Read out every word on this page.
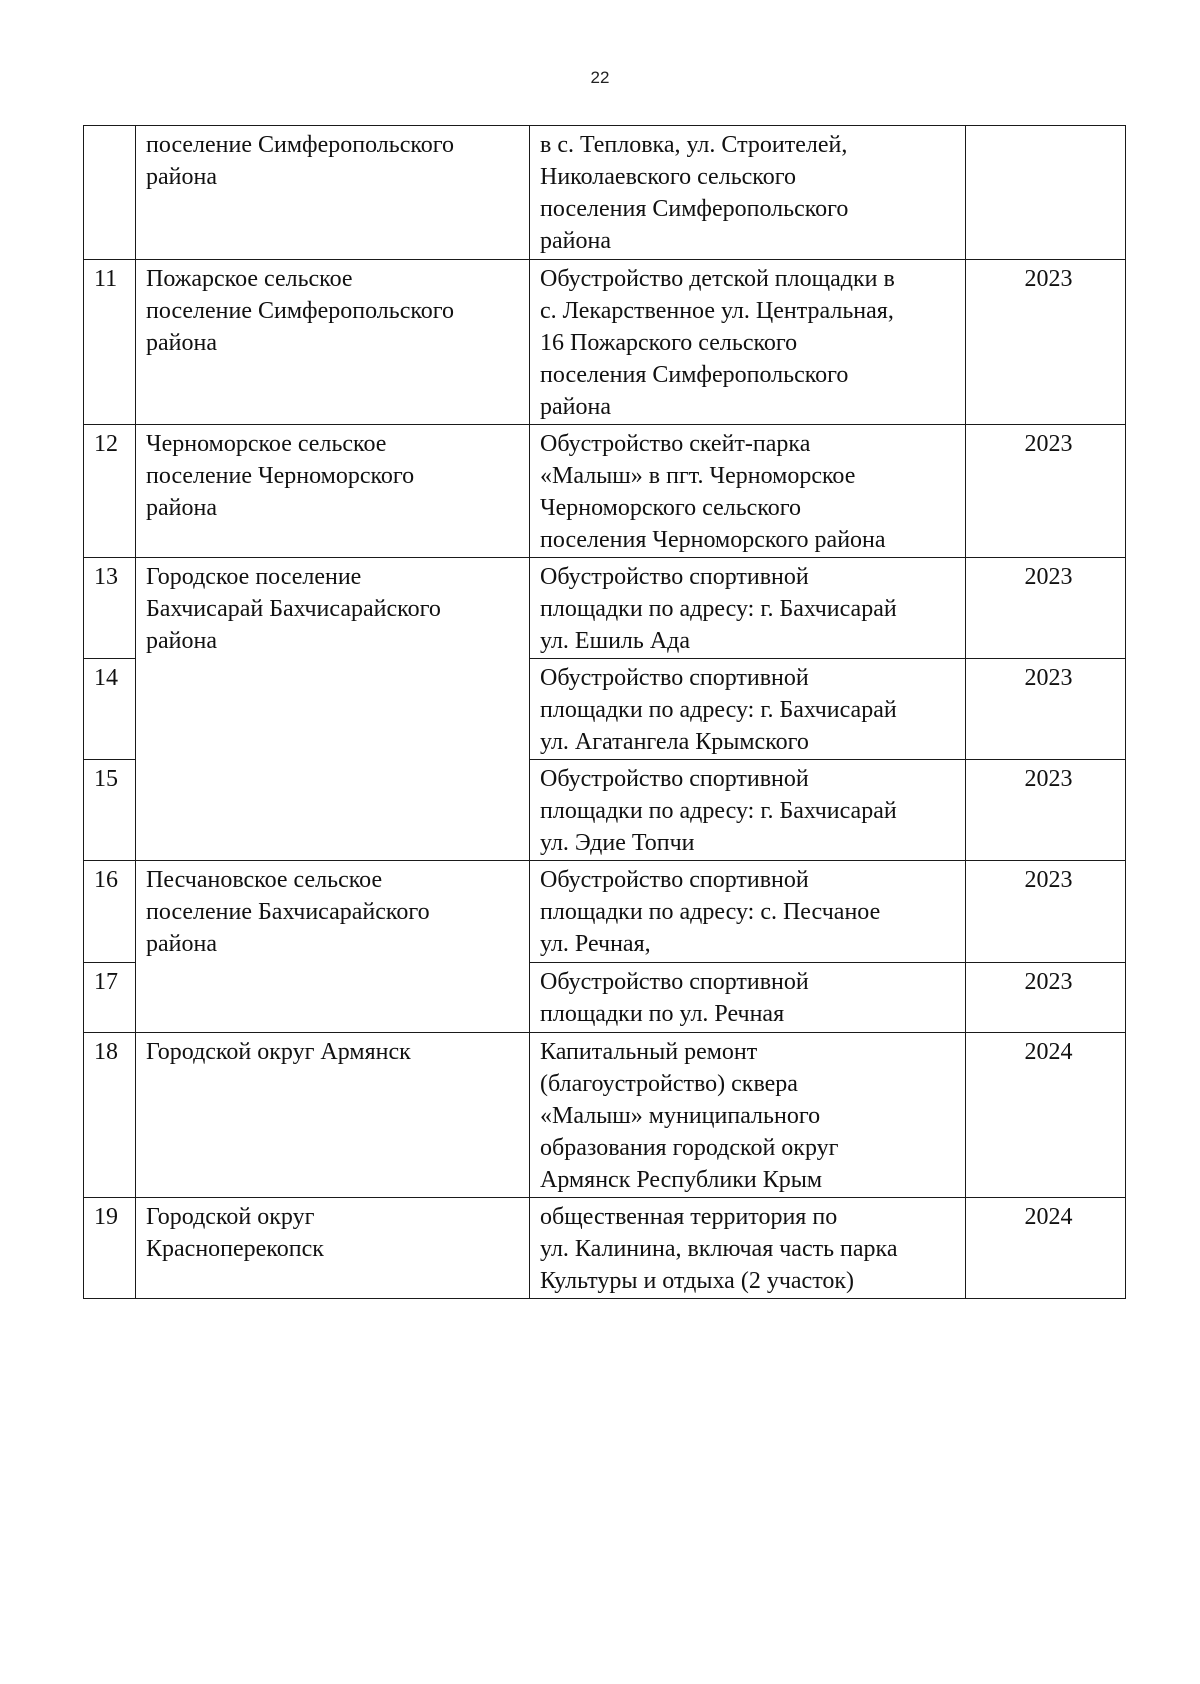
22

	поселение Симферопольского
района	в с. Тепловка, ул. Строителей,
Николаевского сельского
поселения Симферопольского
района	

11	Пожарское сельское
поселение Симферопольского
района	Обустройство детской площадки в
с. Лекарственное ул. Центральная,
16 Пожарского сельского
поселения Симферопольского
района	2023

12	Черноморское сельское
поселение Черноморского
района	Обустройство скейт-парка
«Малыш» в пгт. Черноморское
Черноморского сельского
поселения Черноморского района	2023

13	Городское поселение
Бахчисарай Бахчисарайского
района	Обустройство спортивной
площадки по адресу: г. Бахчисарай
ул. Ешиль Ада	2023

14		Обустройство спортивной
площадки по адресу: г. Бахчисарай
ул. Агатангела Крымского	2023

15		Обустройство спортивной
площадки по адресу: г. Бахчисарай
ул. Эдие Топчи	2023

16	Песчановское сельское
поселение Бахчисарайского
района	Обустройство спортивной
площадки по адресу: с. Песчаное
ул. Речная,	2023

17		Обустройство спортивной
площадки по ул. Речная	2023

18	Городской округ Армянск	Капитальный ремонт
(благоустройство) сквера
«Малыш» муниципального
образования городской округ
Армянск Республики Крым	2024

19	Городской округ
Красноперекопск	общественная территория по
ул. Калинина, включая часть парка
Культуры и отдыха (2 участок)	2024
